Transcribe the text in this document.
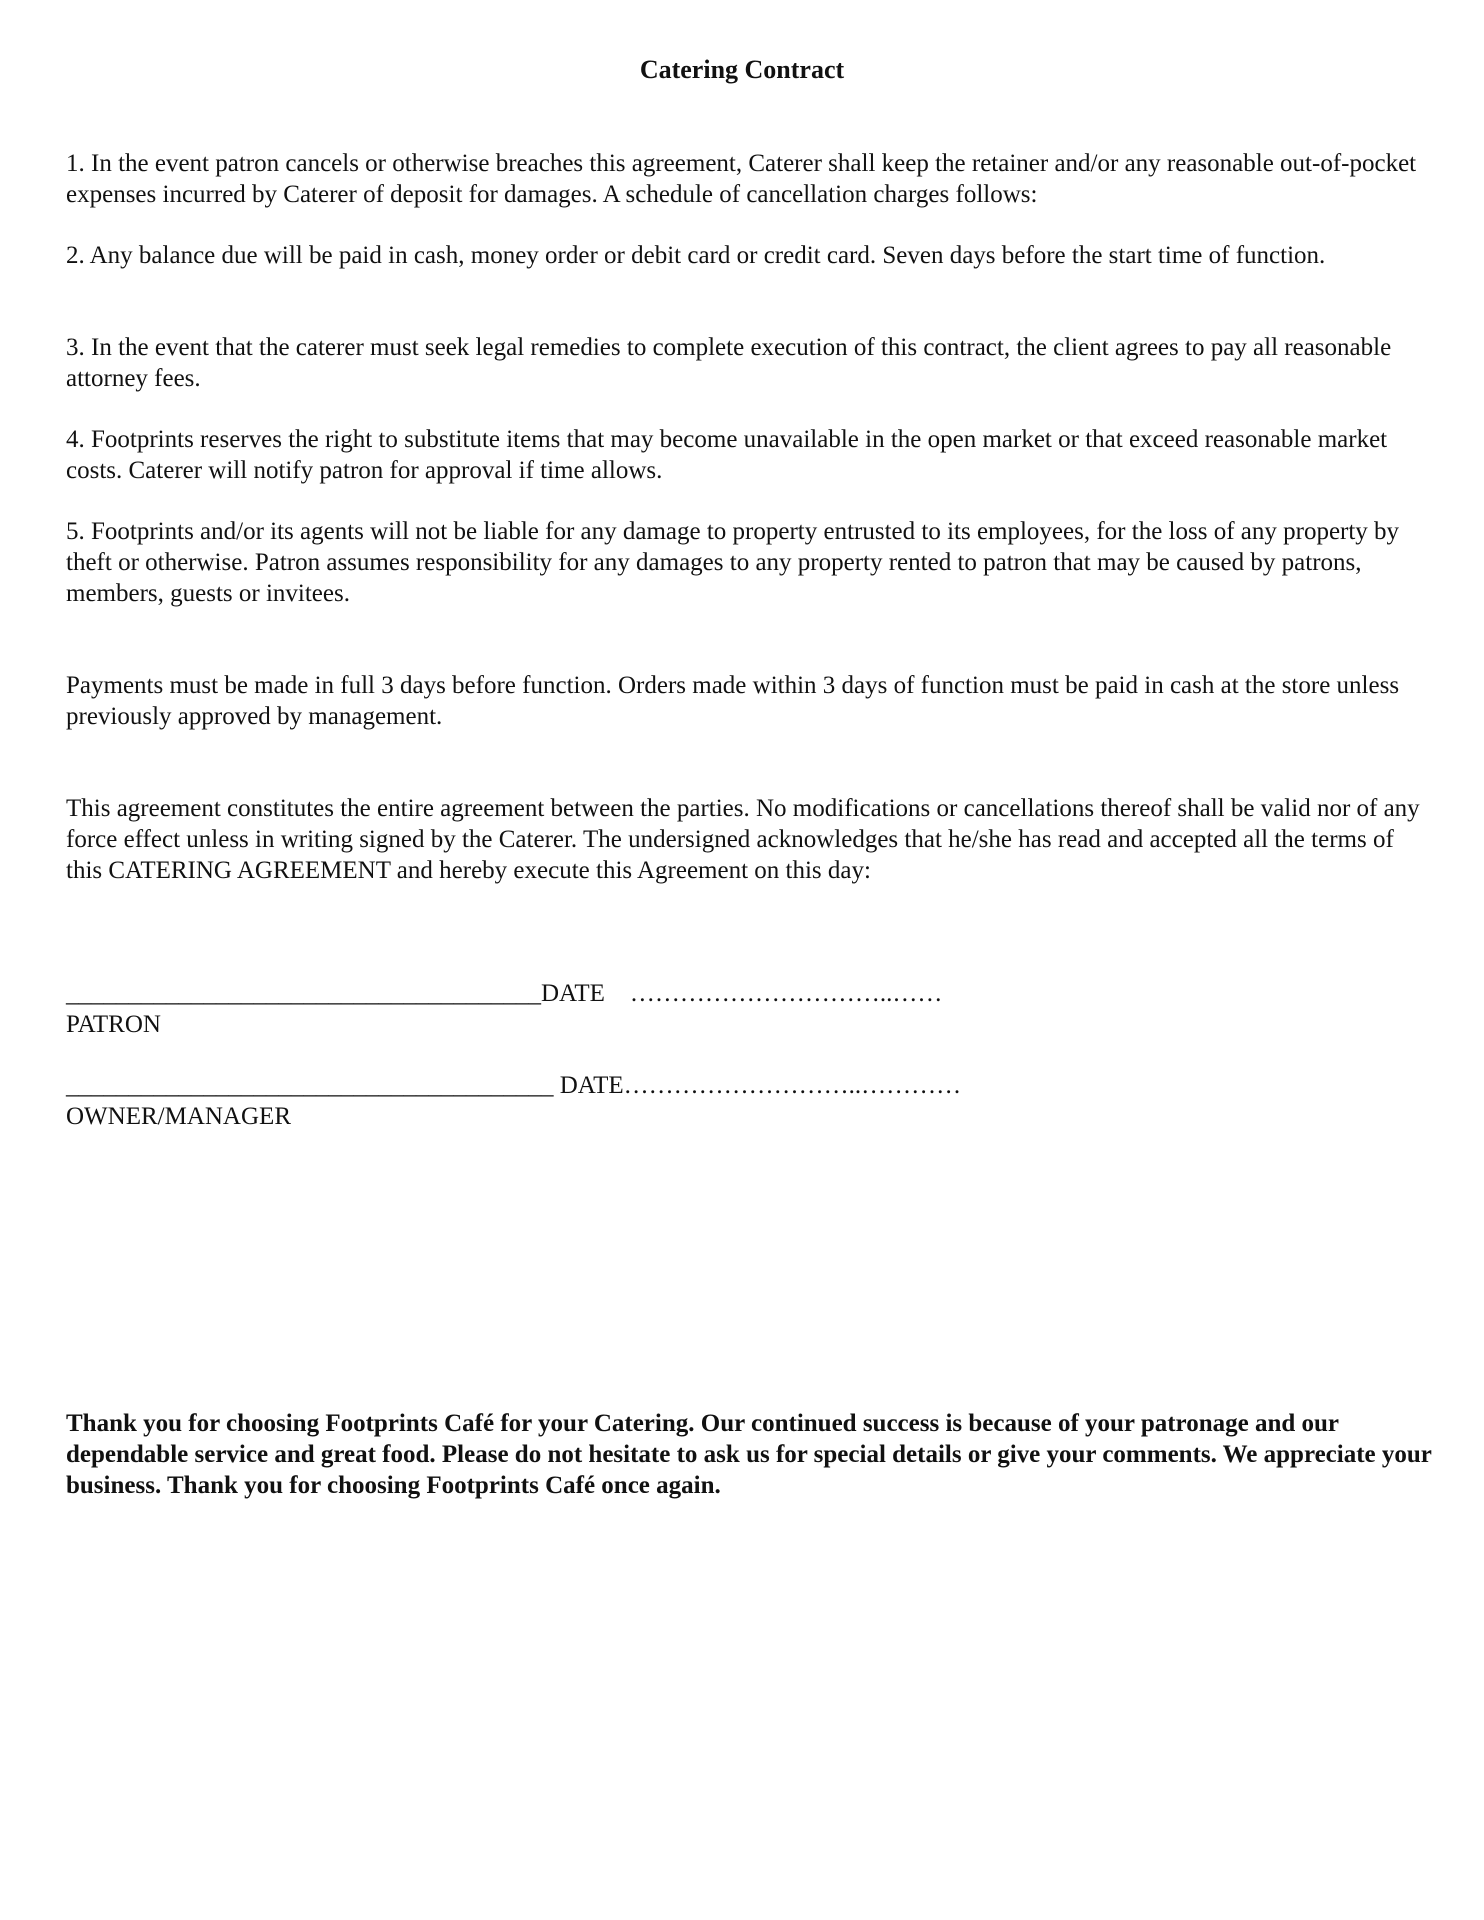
Catering Contract

1. In the event patron cancels or otherwise breaches this agreement, Caterer shall keep the retainer and/or any reasonable out-of-pocket expenses incurred by Caterer of deposit for damages. A schedule of cancellation charges follows:

2. Any balance due will be paid in cash, money order or debit card or credit card. Seven days before the start time of function.

3. In the event that the caterer must seek legal remedies to complete execution of this contract, the client agrees to pay all reasonable attorney fees.

4. Footprints reserves the right to substitute items that may become unavailable in the open market or that exceed reasonable market costs. Caterer will notify patron for approval if time allows.

5. Footprints and/or its agents will not be liable for any damage to property entrusted to its employees, for the loss of any property by theft or otherwise. Patron assumes responsibility for any damages to any property rented to patron that may be caused by patrons, members, guests or invitees.

Payments must be made in full 3 days before function. Orders made within 3 days of function must be paid in cash at the store unless previously approved by management.

This agreement constitutes the entire agreement between the parties. No modifications or cancellations thereof shall be valid nor of any force effect unless in writing signed by the Caterer. The undersigned acknowledges that he/she has read and accepted all the terms of this CATERING AGREEMENT and hereby execute this Agreement on this day:

______________________________________DATE    …………………………..……
PATRON
_______________________________________ DATE………………………..…………
OWNER/MANAGER

Thank you for choosing Footprints Café for your Catering. Our continued success is because of your patronage and our dependable service and great food. Please do not hesitate to ask us for special details or give your comments. We appreciate your business. Thank you for choosing Footprints Café once again.
